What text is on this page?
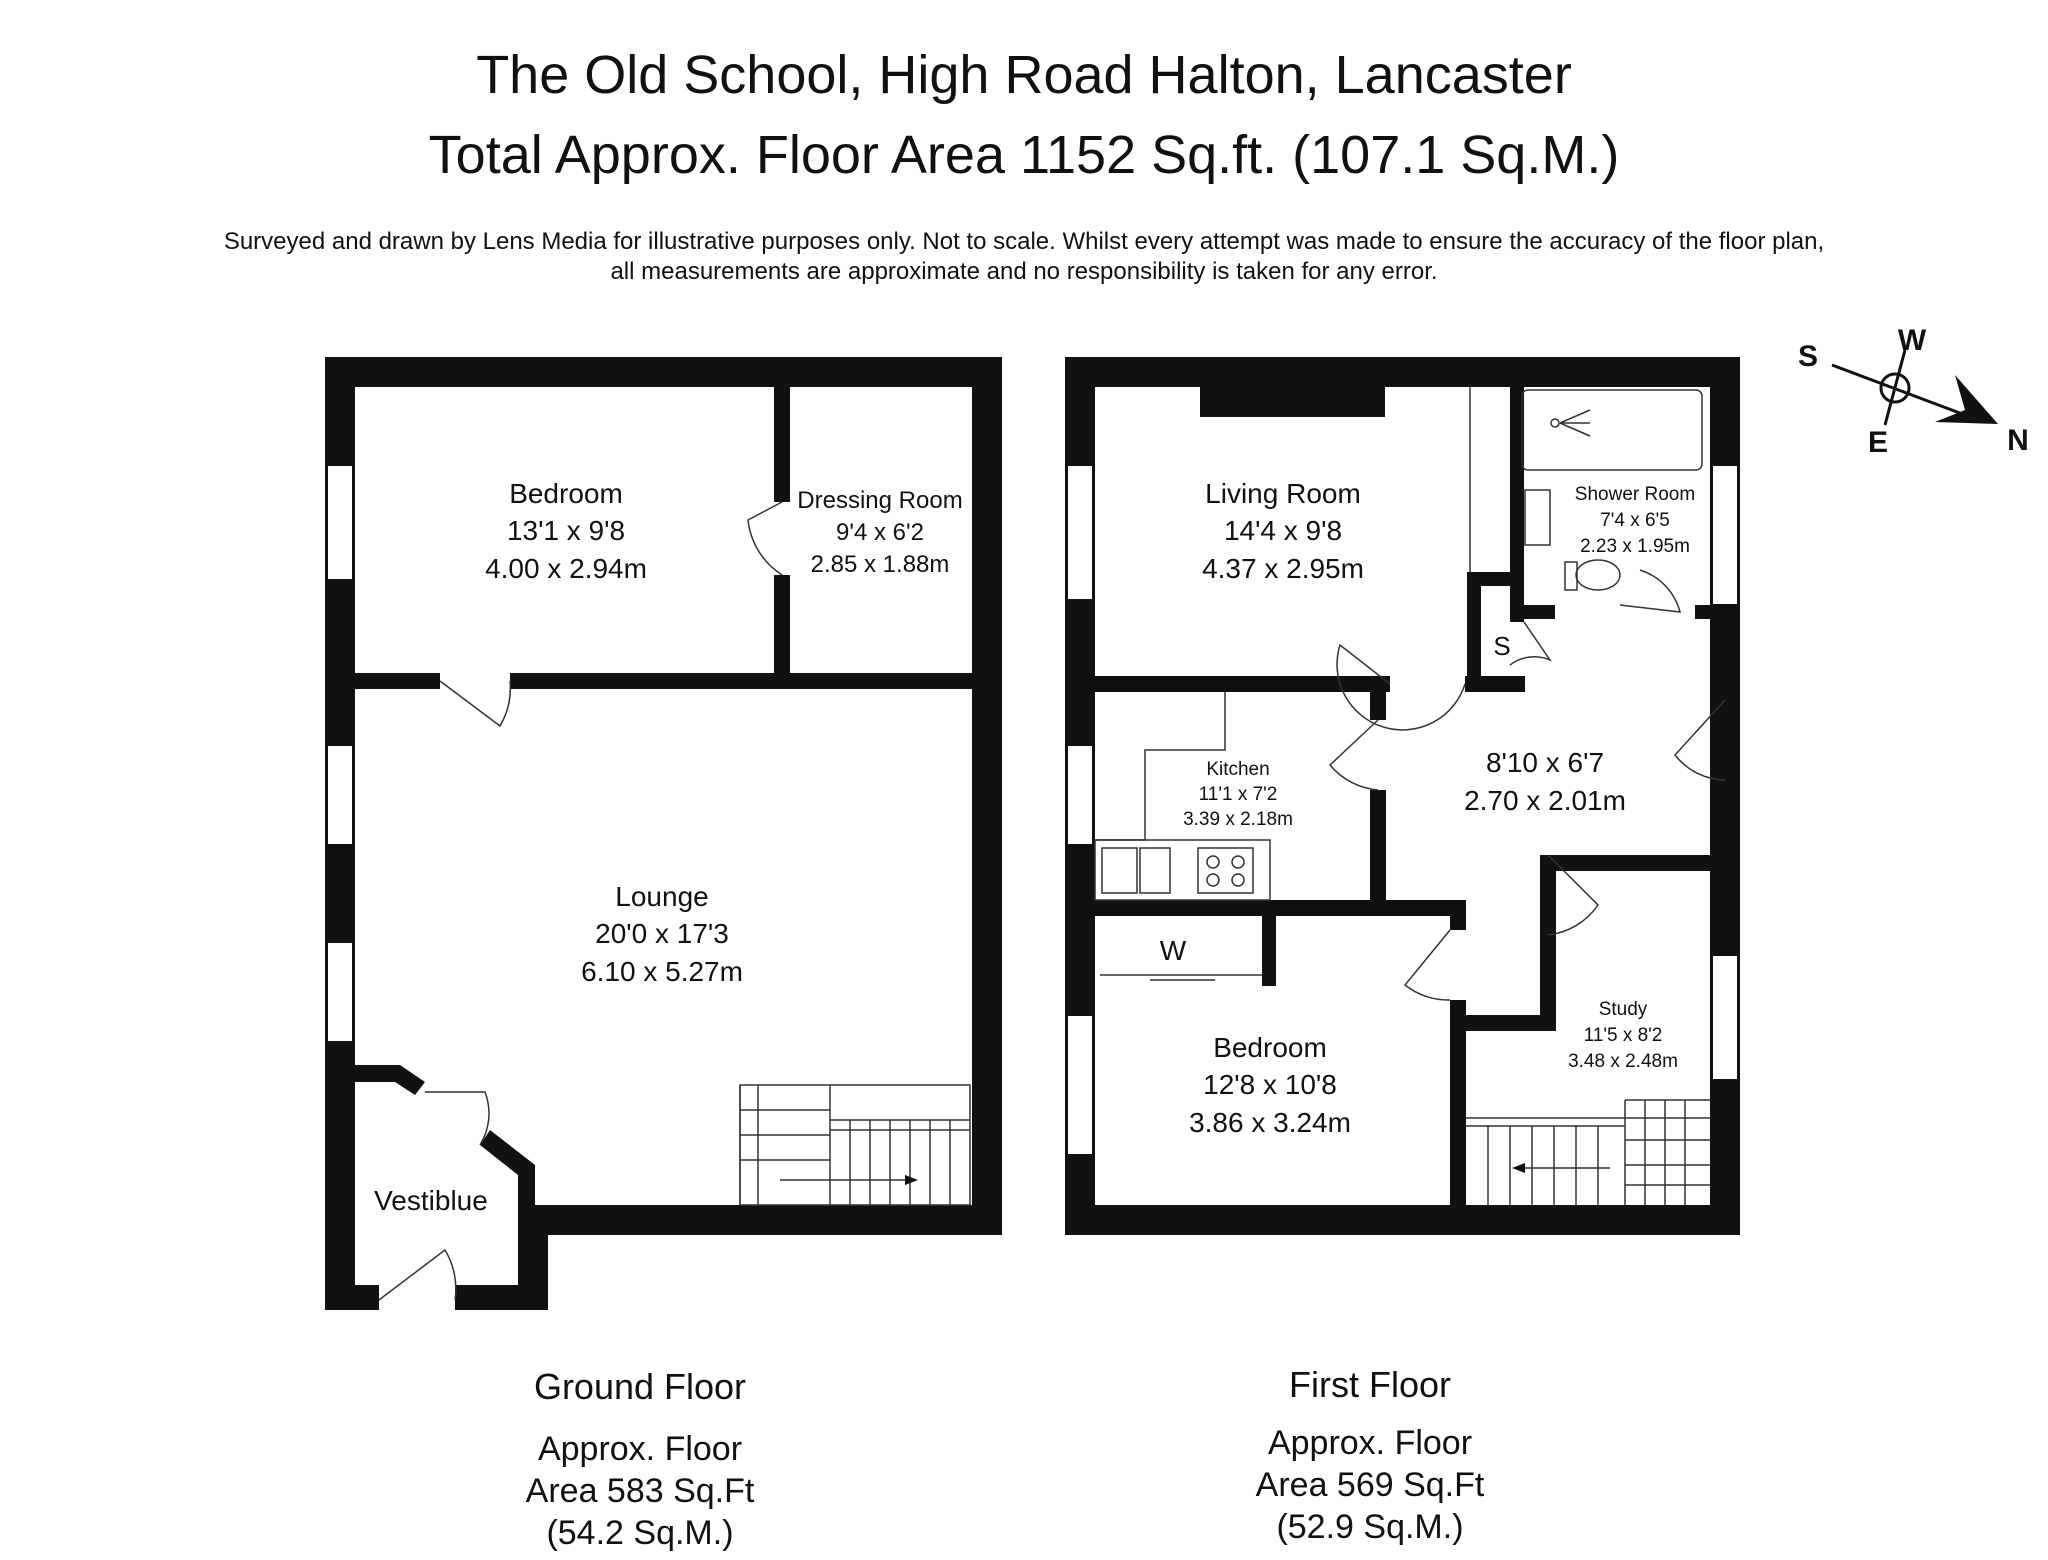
The Old School, High Road Halton, Lancaster
Total Approx. Floor Area 1152 Sq.ft. (107.1 Sq.M.)
Surveyed and drawn by Lens Media for illustrative purposes only. Not to scale. Whilst every attempt was made to ensure the accuracy of the floor plan,
all measurements are approximate and no responsibility is taken for any error.
S	W
E	N
Bedroom
13'1 x 9'8
4.00 x 2.94m
Dressing Room
9'4 x 6'2
2.85 x 1.88m
Lounge
20'0 x 17'3
6.10 x 5.27m
Vestiblue
Living Room
14'4 x 9'8
4.37 x 2.95m
Shower Room
7'4 x 6'5
2.23 x 1.95m
S
Kitchen
11'1 x 7'2
3.39 x 2.18m
8'10 x 6'7
2.70 x 2.01m
W
Bedroom
12'8 x 10'8
3.86 x 3.24m
Study
11'5 x 8'2
3.48 x 2.48m
Ground Floor
Approx. Floor
Area 583 Sq.Ft
(54.2 Sq.M.)
First Floor
Approx. Floor
Area 569 Sq.Ft
(52.9 Sq.M.)
